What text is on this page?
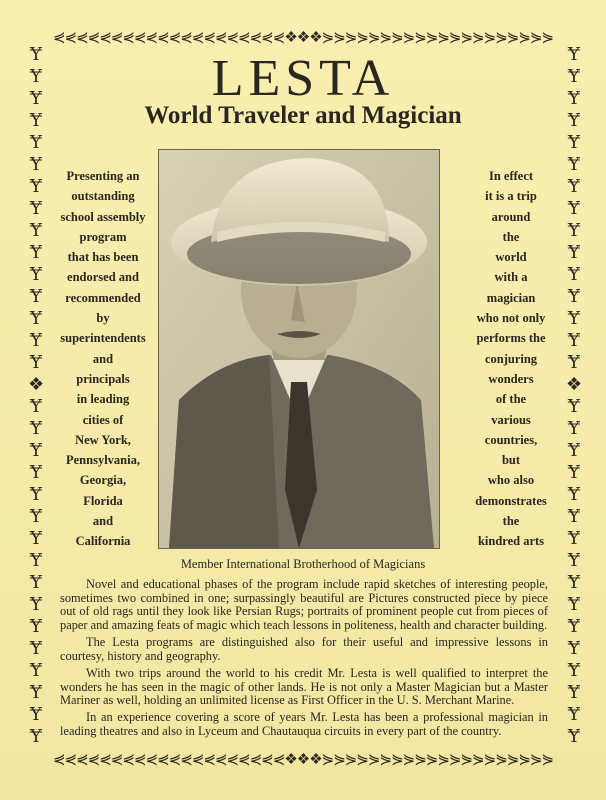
⋞⋞⋞⋞⋞⋞⋞⋞⋞⋞⋞⋞⋞⋞⋞⋞⋞⋞⋞⋞❖❖❖⋟⋟⋟⋟⋟⋟⋟⋟⋟⋟⋟⋟⋟⋟⋟⋟⋟⋟⋟⋟
⋞⋞⋞⋞⋞⋞⋞⋞⋞⋞⋞⋞⋞⋞⋞⋞⋞⋞⋞⋞❖❖❖⋟⋟⋟⋟⋟⋟⋟⋟⋟⋟⋟⋟⋟⋟⋟⋟⋟⋟⋟⋟
Ɏ Ɏ Ɏ Ɏ Ɏ Ɏ Ɏ Ɏ Ɏ Ɏ Ɏ Ɏ Ɏ Ɏ Ɏ ❖ Ɏ Ɏ Ɏ Ɏ Ɏ Ɏ Ɏ Ɏ Ɏ Ɏ Ɏ Ɏ Ɏ Ɏ Ɏ Ɏ
Ɏ Ɏ Ɏ Ɏ Ɏ Ɏ Ɏ Ɏ Ɏ Ɏ Ɏ Ɏ Ɏ Ɏ Ɏ ❖ Ɏ Ɏ Ɏ Ɏ Ɏ Ɏ Ɏ Ɏ Ɏ Ɏ Ɏ Ɏ Ɏ Ɏ Ɏ Ɏ
LESTA
World Traveler and Magician
Presenting an
outstanding
school assembly
program
that has been
endorsed and
recommended
by
superintendents
and
principals
in leading
cities of
New York,
Pennsylvania,
Georgia,
Florida
and
California
In effect
it is a trip
around
the
world
with a
magician
who not only
performs the
conjuring
wonders
of the
various
countries,
but
who also
demonstrates
the
kindred arts
Member International Brotherhood of Magicians

Novel and educational phases of the program include rapid sketches of interesting people, sometimes two combined in one; surpassingly beautiful are Pictures constructed piece by piece out of old rags until they look like Persian Rugs; portraits of prominent people cut from pieces of paper and amazing feats of magic which teach lessons in politeness, health and character building.

The Lesta programs are distinguished also for their useful and impressive lessons in courtesy, history and geography.

With two trips around the world to his credit Mr. Lesta is well qualified to interpret the wonders he has seen in the magic of other lands. He is not only a Master Magician but a Master Mariner as well, holding an unlimited license as First Officer in the U. S. Merchant Marine.

In an experience covering a score of years Mr. Lesta has been a professional magician in leading theatres and also in Lyceum and Chautauqua circuits in every part of the country.
